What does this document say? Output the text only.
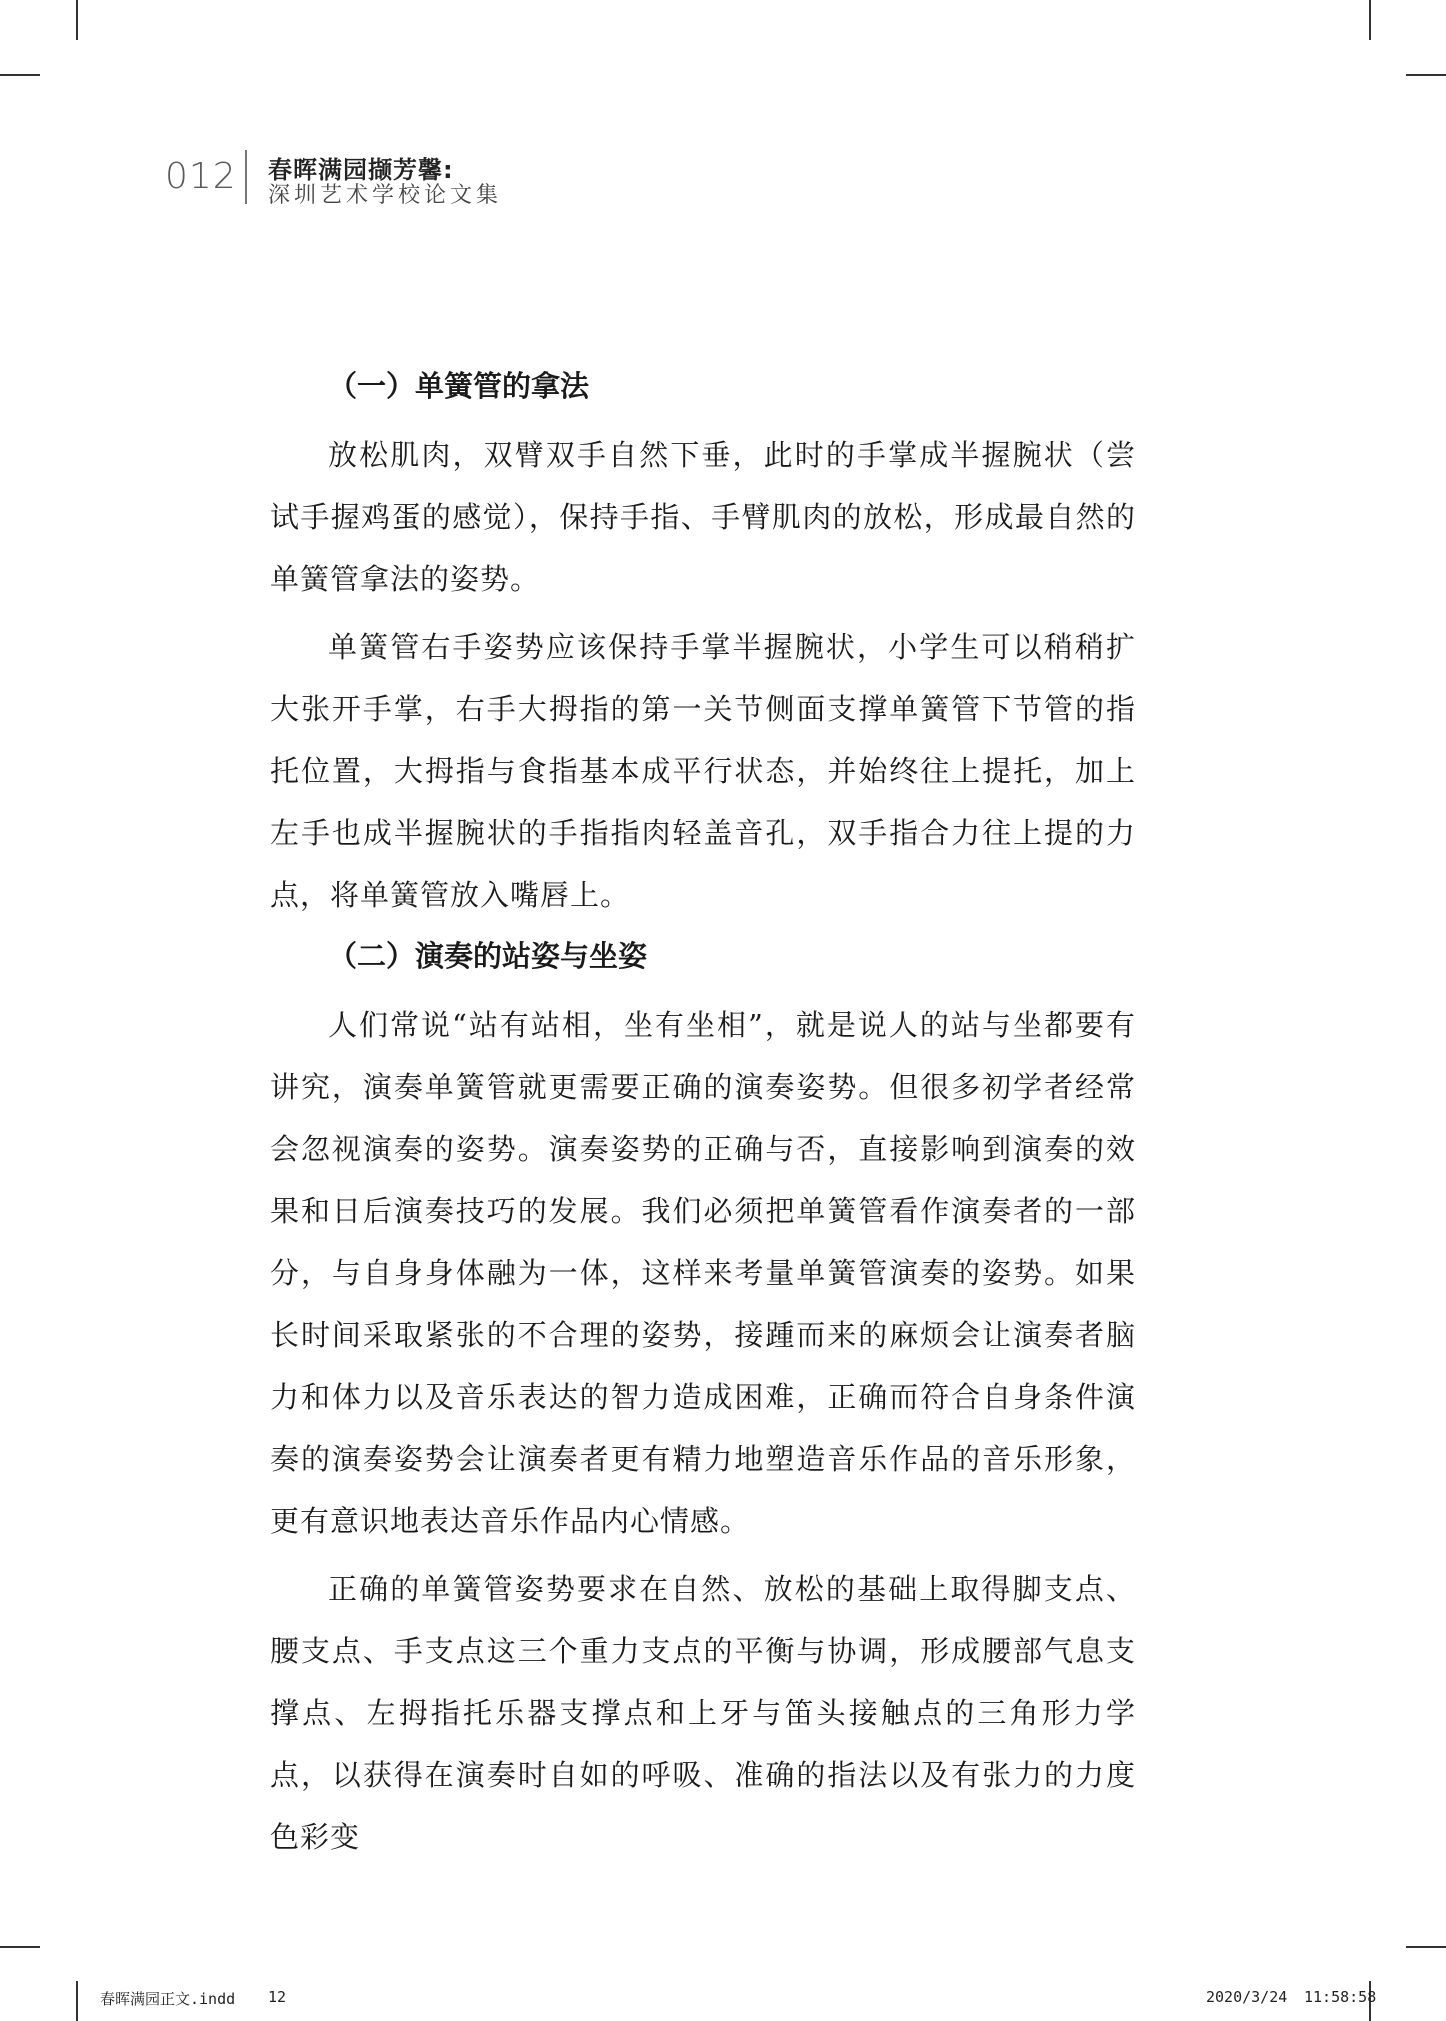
012 春晖满园撷芳馨:
深圳艺术学校论文集
（一）单簧管的拿法

放松肌肉，双臂双手自然下垂，此时的手掌成半握腕状（尝试手握鸡蛋的感觉），保持手指、手臂肌肉的放松，形成最自然的单簧管拿法的姿势。

单簧管右手姿势应该保持手掌半握腕状，小学生可以稍稍扩大张开手掌，右手大拇指的第一关节侧面支撑单簧管下节管的指托位置，大拇指与食指基本成平行状态，并始终往上提托，加上左手也成半握腕状的手指指肉轻盖音孔，双手指合力往上提的力点，将单簧管放入嘴唇上。

（二）演奏的站姿与坐姿

人们常说“站有站相，坐有坐相”，就是说人的站与坐都要有讲究，演奏单簧管就更需要正确的演奏姿势。但很多初学者经常会忽视演奏的姿势。演奏姿势的正确与否，直接影响到演奏的效果和日后演奏技巧的发展。我们必须把单簧管看作演奏者的一部分，与自身身体融为一体，这样来考量单簧管演奏的姿势。如果长时间采取紧张的不合理的姿势，接踵而来的麻烦会让演奏者脑力和体力以及音乐表达的智力造成困难，正确而符合自身条件演奏的演奏姿势会让演奏者更有精力地塑造音乐作品的音乐形象，更有意识地表达音乐作品内心情感。

正确的单簧管姿势要求在自然、放松的基础上取得脚支点、腰支点、手支点这三个重力支点的平衡与协调，形成腰部气息支撑点、左拇指托乐器支撑点和上牙与笛头接触点的三角形力学点，以获得在演奏时自如的呼吸、准确的指法以及有张力的力度色彩变

春晖满园正文.indd 12	2020/3/24 11:58:58
